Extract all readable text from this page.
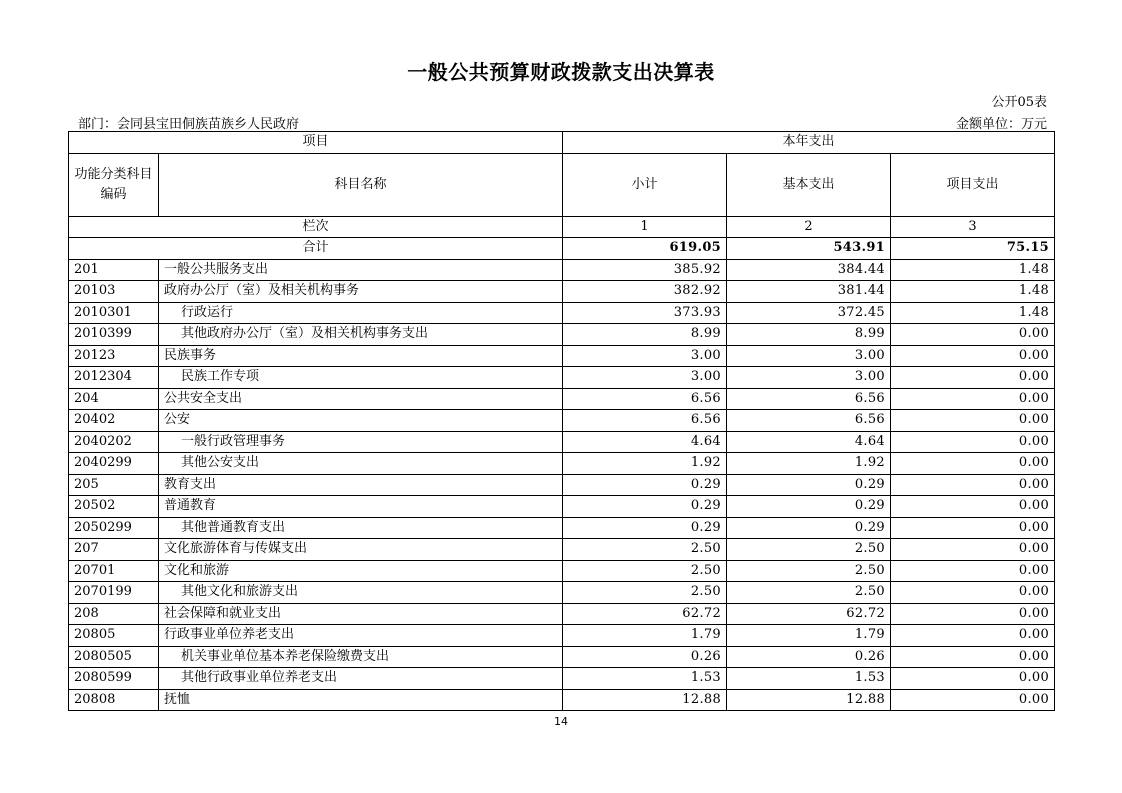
一般公共预算财政拨款支出决算表
公开05表
部门：会同县宝田侗族苗族乡人民政府	金额单位：万元
项目		本年支出		
功能分类科目编码	科目名称	小计	基本支出	项目支出
栏次		1	2	3
合计		619.05	543.91	75.15
201	一般公共服务支出	385.92	384.44	1.48
20103	政府办公厅（室）及相关机构事务	382.92	381.44	1.48
2010301	行政运行	373.93	372.45	1.48
2010399	其他政府办公厅（室）及相关机构事务支出	8.99	8.99	0.00
20123	民族事务	3.00	3.00	0.00
2012304	民族工作专项	3.00	3.00	0.00
204	公共安全支出	6.56	6.56	0.00
20402	公安	6.56	6.56	0.00
2040202	一般行政管理事务	4.64	4.64	0.00
2040299	其他公安支出	1.92	1.92	0.00
205	教育支出	0.29	0.29	0.00
20502	普通教育	0.29	0.29	0.00
2050299	其他普通教育支出	0.29	0.29	0.00
207	文化旅游体育与传媒支出	2.50	2.50	0.00
20701	文化和旅游	2.50	2.50	0.00
2070199	其他文化和旅游支出	2.50	2.50	0.00
208	社会保障和就业支出	62.72	62.72	0.00
20805	行政事业单位养老支出	1.79	1.79	0.00
2080505	机关事业单位基本养老保险缴费支出	0.26	0.26	0.00
2080599	其他行政事业单位养老支出	1.53	1.53	0.00
20808	抚恤	12.88	12.88	0.00
14
